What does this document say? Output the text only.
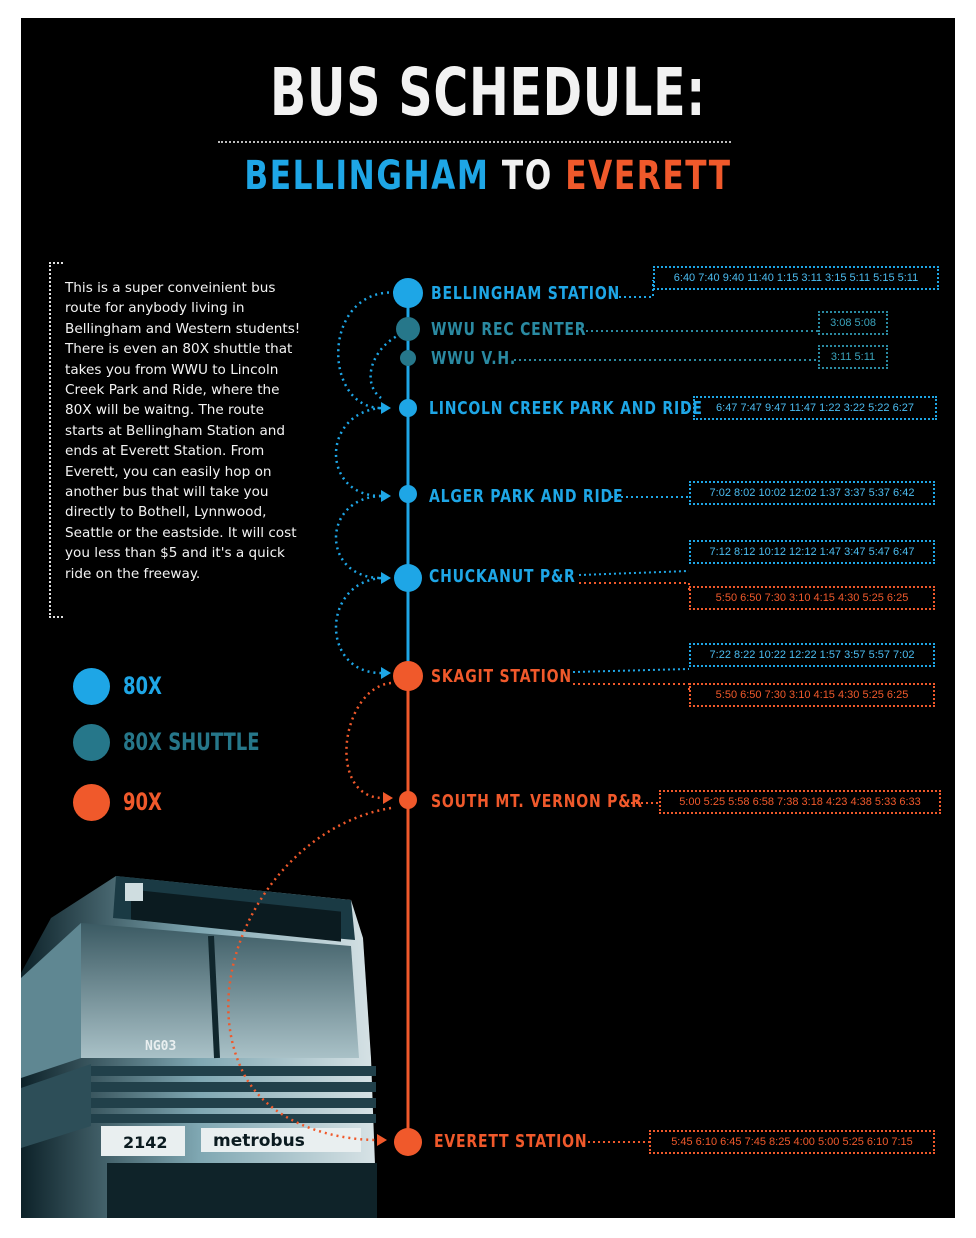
2142	metrobus
NG03
BUS SCHEDULE:
BELLINGHAM TO EVERETT
This is a super conveinient bus route for anybody living in Bellingham and Western students! There is even an 80X shuttle that takes you from WWU to Lincoln Creek Park and Ride, where the 80X will be waitng. The route starts at Bellingham Station and ends at Everett Station. From Everett, you can easily hop on another bus that will take you directly to Bothell, Lynnwood, Seattle or the eastside. It will cost you less than $5 and it's a quick ride on the freeway.
80X
80X SHUTTLE
90X
BELLINGHAM STATION
WWU REC CENTER
WWU V.H.
LINCOLN CREEK PARK AND RIDE
ALGER PARK AND RIDE
CHUCKANUT P&R
SKAGIT STATION
SOUTH MT. VERNON P&R
EVERETT STATION
6:40 7:40 9:40 11:40 1:15 3:11 3:15 5:11 5:15 5:11
3:08 5:08
3:11 5:11
6:47 7:47 9:47 11:47 1:22 3:22 5:22 6:27
7:02 8:02 10:02 12:02 1:37 3:37 5:37 6:42
7:12 8:12 10:12 12:12 1:47 3:47 5:47 6:47
5:50 6:50 7:30 3:10 4:15 4:30 5:25 6:25
7:22 8:22 10:22 12:22 1:57 3:57 5:57 7:02
5:50 6:50 7:30 3:10 4:15 4:30 5:25 6:25
5:00 5:25 5:58 6:58 7:38 3:18 4:23 4:38 5:33 6:33
5:45 6:10 6:45 7:45 8:25 4:00 5:00 5:25 6:10 7:15
